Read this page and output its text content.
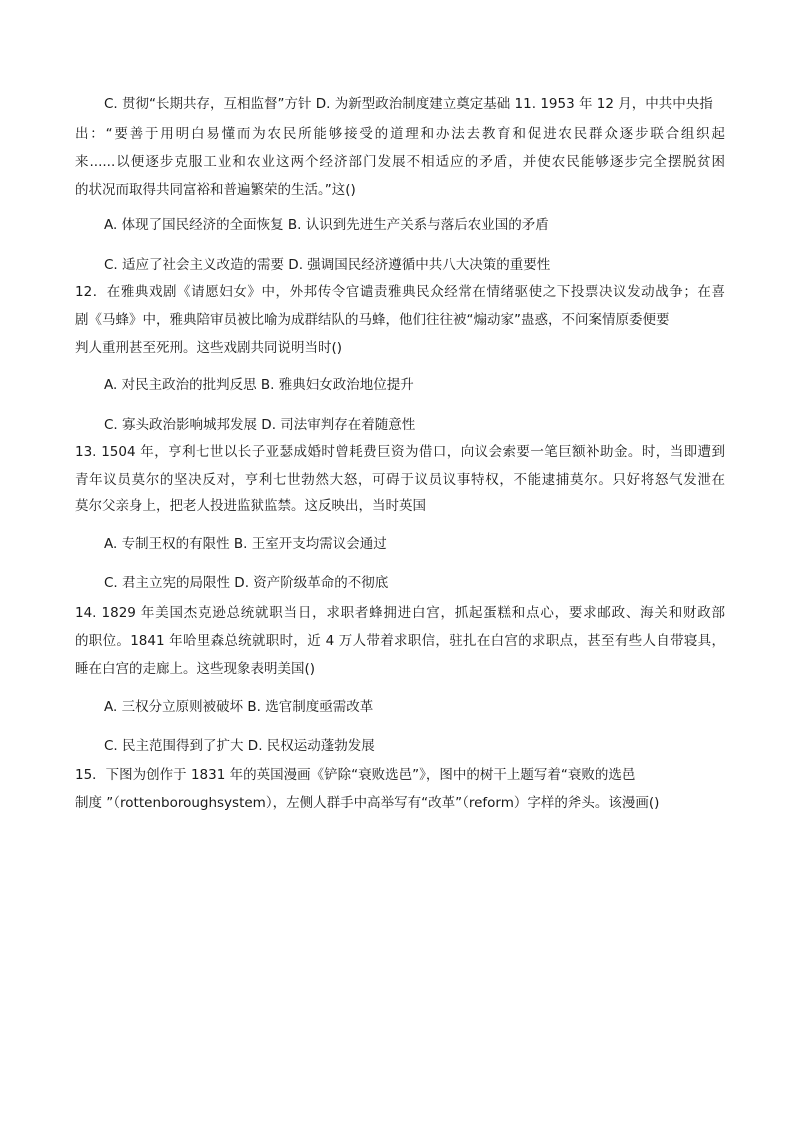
C. 贯彻“长期共存，互相监督”方针 D. 为新型政治制度建立奠定基础 11. 1953 年 12 月，中共中央指
出：“要善于用明白易懂而为农民所能够接受的道理和办法去教育和促进农民群众逐步联合组织起
来......以便逐步克服工业和农业这两个经济部门发展不相适应的矛盾，并使农民能够逐步完全摆脱贫困
的状况而取得共同富裕和普遍繁荣的生活。”这()
A. 体现了国民经济的全面恢复 B. 认识到先进生产关系与落后农业国的矛盾
C. 适应了社会主义改造的需要 D. 强调国民经济遵循中共八大决策的重要性
12．在雅典戏剧《请愿妇女》中，外邦传令官谴责雅典民众经常在情绪驱使之下投票决议发动战争；在喜
剧《马蜂》中，雅典陪审员被比喻为成群结队的马蜂，他们往往被“煽动家”蛊惑，不问案情原委便要
判人重刑甚至死刑。这些戏剧共同说明当时()
A. 对民主政治的批判反思 B. 雅典妇女政治地位提升
C. 寡头政治影响城邦发展 D. 司法审判存在着随意性
13. 1504 年，亨利七世以长子亚瑟成婚时曾耗费巨资为借口，向议会索要一笔巨额补助金。时，当即遭到
青年议员莫尔的坚决反对，亨利七世勃然大怒，可碍于议员议事特权，不能逮捕莫尔。只好将怒气发泄在
莫尔父亲身上，把老人投进监狱监禁。这反映出，当时英国
A. 专制王权的有限性 B. 王室开支均需议会通过
C. 君主立宪的局限性 D. 资产阶级革命的不彻底
14. 1829 年美国杰克逊总统就职当日，求职者蜂拥进白宫，抓起蛋糕和点心，要求邮政、海关和财政部
的职位。1841 年哈里森总统就职时，近 4 万人带着求职信，驻扎在白宫的求职点，甚至有些人自带寝具，
睡在白宫的走廊上。这些现象表明美国()
A. 三权分立原则被破坏 B. 选官制度亟需改革
C. 民主范围得到了扩大 D. 民权运动蓬勃发展
15．下图为创作于 1831 年的英国漫画《铲除“衰败选邑”》，图中的树干上题写着“衰败的选邑
制度 ”（rottenboroughsystem），左侧人群手中高举写有“改革”（reform）字样的斧头。该漫画()
